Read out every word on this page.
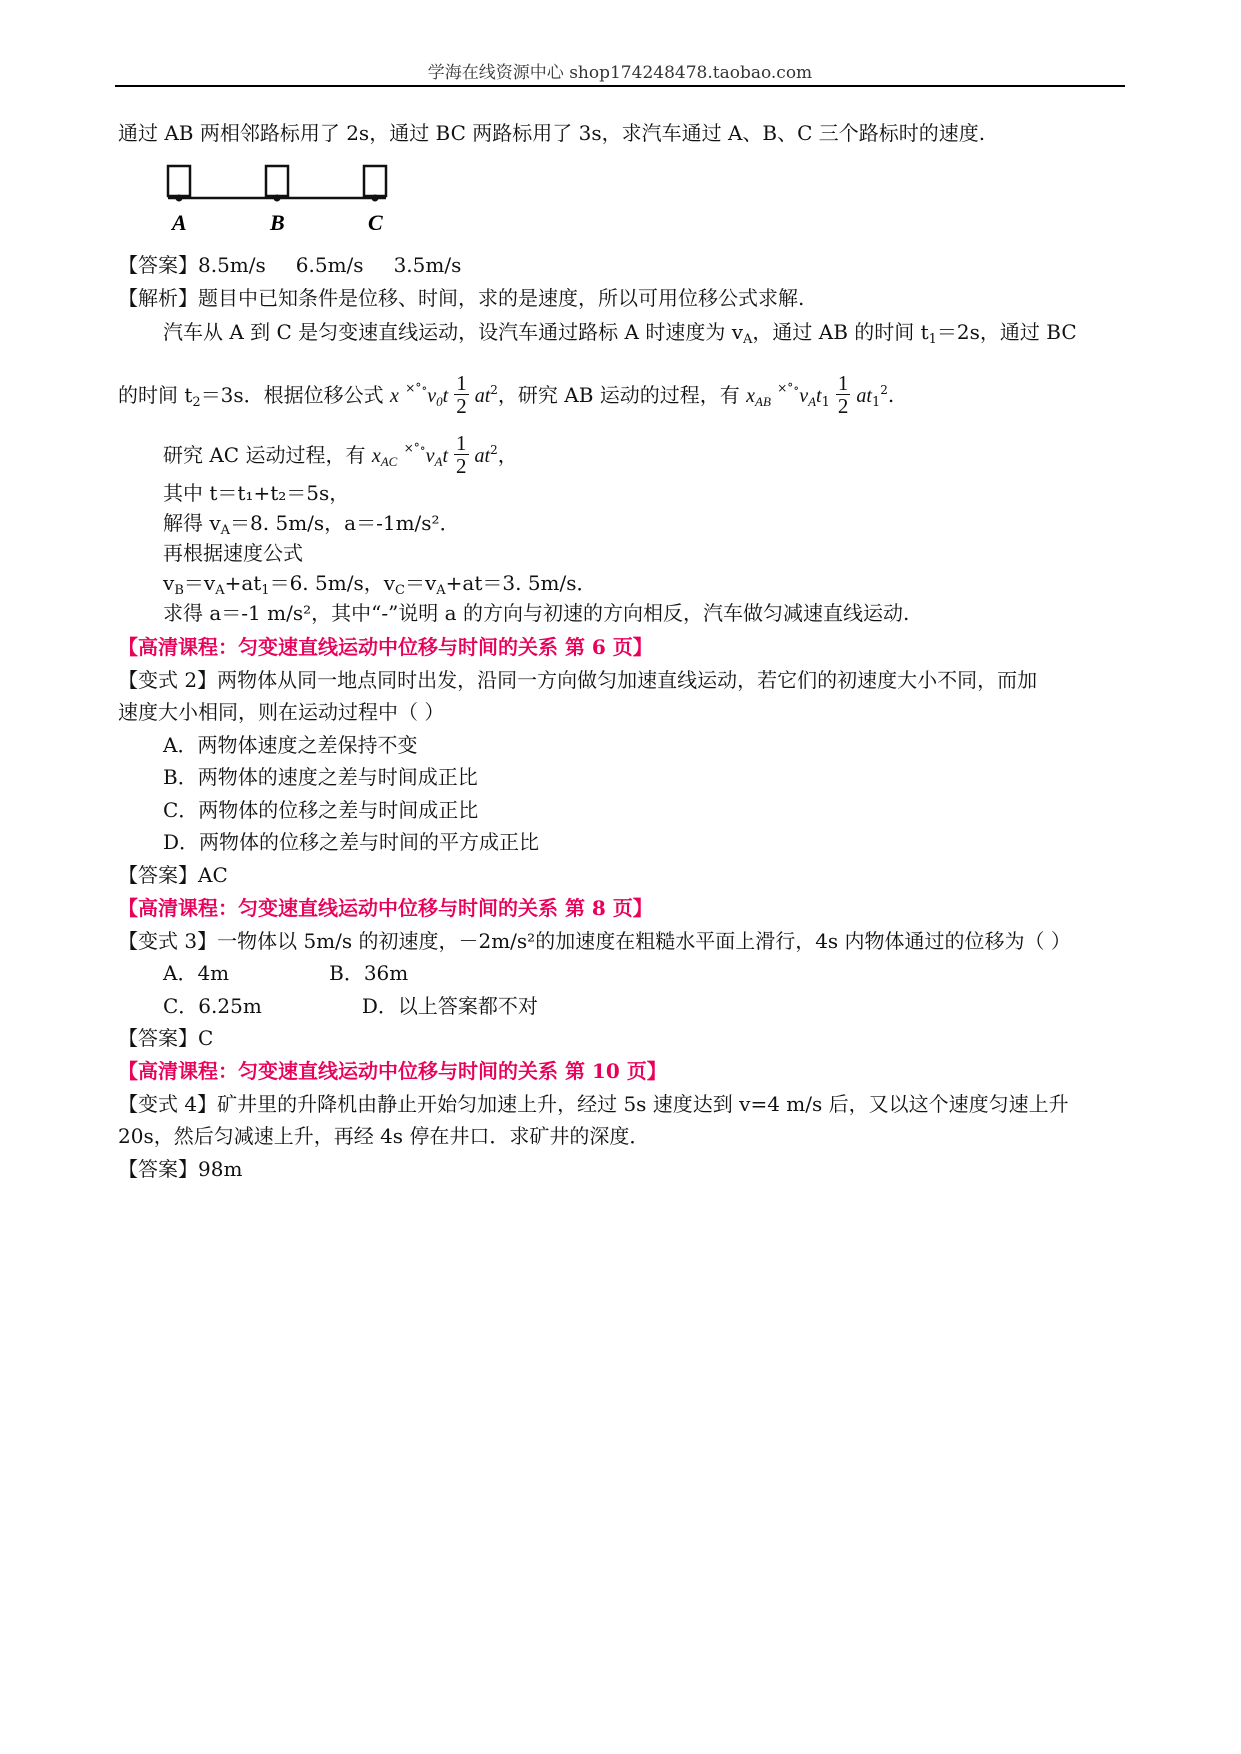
学海在线资源中心 shop174248478.taobao.com
通过 AB 两相邻路标用了 2s，通过 BC 两路标用了 3s，求汽车通过 A、B、C 三个路标时的速度.
A	B	C
【答案】8.5m/s 6.5m/s 3.5m/s
【解析】题目中已知条件是位移、时间，求的是速度，所以可用位移公式求解.
汽车从 A 到 C 是匀变速直线运动，设汽车通过路标 A 时速度为 $v_A$，通过 AB 的时间 $t_1=2s$，通过 BC
的时间 $t_2=3s$．根据位移公式 x $^{\times^\circ\circ}v_0t \frac{1}{2} at^2$，研究 AB 运动的过程，有 $x_{AB}$ $^{\times^\circ\circ}v_At_1 \frac{1}{2} at_1^2$.
研究 AC 运动过程，有 $x_{AC}$ $^{\times^\circ\circ}v_At \frac{1}{2} at^2$，
其中 t＝t₁+t₂＝5s，
解得 $v_A=8$. 5m/s，a＝-1m/s²．
再根据速度公式
$v_B=v_A+at_1=6$. 5m/s，$v_C=v_A+at=3$. 5m/s．
求得 a＝-1 m/s²，其中“-”说明 a 的方向与初速的方向相反，汽车做匀减速直线运动.
【高清课程：匀变速直线运动中位移与时间的关系 第 6 页】
【变式 2】两物体从同一地点同时出发，沿同一方向做匀加速直线运动，若它们的初速度大小不同，而加
速度大小相同，则在运动过程中（ ）
A．两物体速度之差保持不变
B．两物体的速度之差与时间成正比
C．两物体的位移之差与时间成正比
D．两物体的位移之差与时间的平方成正比
【答案】AC
【高清课程：匀变速直线运动中位移与时间的关系 第 8 页】
【变式 3】一物体以 5m/s 的初速度，－2m/s²的加速度在粗糙水平面上滑行，4s 内物体通过的位移为（ ）
A．4m	B．36m
C．6.25m	D．以上答案都不对
【答案】C
【高清课程：匀变速直线运动中位移与时间的关系 第 10 页】
【变式 4】矿井里的升降机由静止开始匀加速上升，经过 5s 速度达到 v=4 m/s 后，又以这个速度匀速上升
20s，然后匀减速上升，再经 4s 停在井口．求矿井的深度．
【答案】98m
